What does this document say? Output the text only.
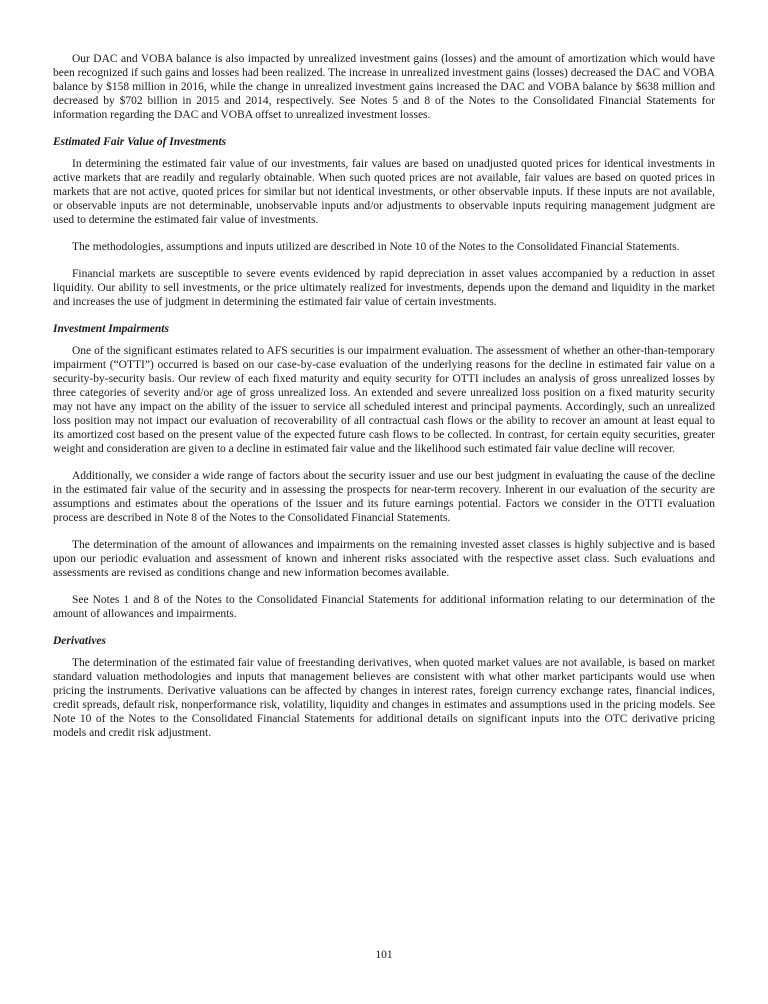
Our DAC and VOBA balance is also impacted by unrealized investment gains (losses) and the amount of amortization which would have been recognized if such gains and losses had been realized. The increase in unrealized investment gains (losses) decreased the DAC and VOBA balance by $158 million in 2016, while the change in unrealized investment gains increased the DAC and VOBA balance by $638 million and decreased by $702 billion in 2015 and 2014, respectively. See Notes 5 and 8 of the Notes to the Consolidated Financial Statements for information regarding the DAC and VOBA offset to unrealized investment losses.

Estimated Fair Value of Investments

In determining the estimated fair value of our investments, fair values are based on unadjusted quoted prices for identical investments in active markets that are readily and regularly obtainable. When such quoted prices are not available, fair values are based on quoted prices in markets that are not active, quoted prices for similar but not identical investments, or other observable inputs. If these inputs are not available, or observable inputs are not determinable, unobservable inputs and/or adjustments to observable inputs requiring management judgment are used to determine the estimated fair value of investments.

The methodologies, assumptions and inputs utilized are described in Note 10 of the Notes to the Consolidated Financial Statements.

Financial markets are susceptible to severe events evidenced by rapid depreciation in asset values accompanied by a reduction in asset liquidity. Our ability to sell investments, or the price ultimately realized for investments, depends upon the demand and liquidity in the market and increases the use of judgment in determining the estimated fair value of certain investments.

Investment Impairments

One of the significant estimates related to AFS securities is our impairment evaluation. The assessment of whether an other-than-temporary impairment (“OTTI”) occurred is based on our case-by-case evaluation of the underlying reasons for the decline in estimated fair value on a security-by-security basis. Our review of each fixed maturity and equity security for OTTI includes an analysis of gross unrealized losses by three categories of severity and/or age of gross unrealized loss. An extended and severe unrealized loss position on a fixed maturity security may not have any impact on the ability of the issuer to service all scheduled interest and principal payments. Accordingly, such an unrealized loss position may not impact our evaluation of recoverability of all contractual cash flows or the ability to recover an amount at least equal to its amortized cost based on the present value of the expected future cash flows to be collected. In contrast, for certain equity securities, greater weight and consideration are given to a decline in estimated fair value and the likelihood such estimated fair value decline will recover.

Additionally, we consider a wide range of factors about the security issuer and use our best judgment in evaluating the cause of the decline in the estimated fair value of the security and in assessing the prospects for near-term recovery. Inherent in our evaluation of the security are assumptions and estimates about the operations of the issuer and its future earnings potential. Factors we consider in the OTTI evaluation process are described in Note 8 of the Notes to the Consolidated Financial Statements.

The determination of the amount of allowances and impairments on the remaining invested asset classes is highly subjective and is based upon our periodic evaluation and assessment of known and inherent risks associated with the respective asset class. Such evaluations and assessments are revised as conditions change and new information becomes available.

See Notes 1 and 8 of the Notes to the Consolidated Financial Statements for additional information relating to our determination of the amount of allowances and impairments.

Derivatives

The determination of the estimated fair value of freestanding derivatives, when quoted market values are not available, is based on market standard valuation methodologies and inputs that management believes are consistent with what other market participants would use when pricing the instruments. Derivative valuations can be affected by changes in interest rates, foreign currency exchange rates, financial indices, credit spreads, default risk, nonperformance risk, volatility, liquidity and changes in estimates and assumptions used in the pricing models. See Note 10 of the Notes to the Consolidated Financial Statements for additional details on significant inputs into the OTC derivative pricing models and credit risk adjustment.

101
